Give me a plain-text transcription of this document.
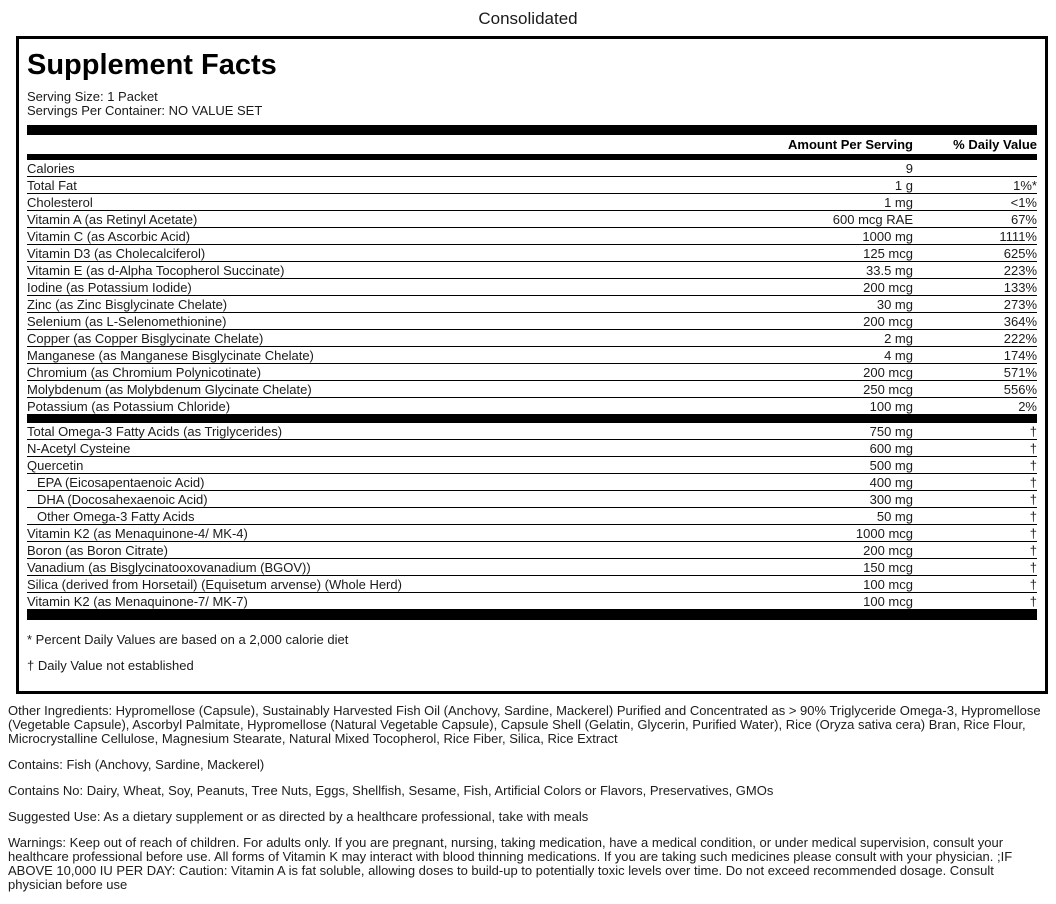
Consolidated
Supplement Facts
Serving Size: 1 Packet
Servings Per Container: NO VALUE SET
Amount Per Serving	% Daily Value
Calories	9
Total Fat	1 g	1%*
Cholesterol	1 mg	<1%
Vitamin A (as Retinyl Acetate)	600 mcg RAE	67%
Vitamin C (as Ascorbic Acid)	1000 mg	1111%
Vitamin D3 (as Cholecalciferol)	125 mcg	625%
Vitamin E (as d-Alpha Tocopherol Succinate)	33.5 mg	223%
Iodine (as Potassium Iodide)	200 mcg	133%
Zinc (as Zinc Bisglycinate Chelate)	30 mg	273%
Selenium (as L-Selenomethionine)	200 mcg	364%
Copper (as Copper Bisglycinate Chelate)	2 mg	222%
Manganese (as Manganese Bisglycinate Chelate)	4 mg	174%
Chromium (as Chromium Polynicotinate)	200 mcg	571%
Molybdenum (as Molybdenum Glycinate Chelate)	250 mcg	556%
Potassium (as Potassium Chloride)	100 mg	2%
Total Omega-3 Fatty Acids (as Triglycerides)	750 mg	†
N-Acetyl Cysteine	600 mg	†
Quercetin	500 mg	†
EPA (Eicosapentaenoic Acid)	400 mg	†
DHA (Docosahexaenoic Acid)	300 mg	†
Other Omega-3 Fatty Acids	50 mg	†
Vitamin K2 (as Menaquinone-4/ MK-4)	1000 mcg	†
Boron (as Boron Citrate)	200 mcg	†
Vanadium (as Bisglycinatooxovanadium (BGOV))	150 mcg	†
Silica (derived from Horsetail) (Equisetum arvense) (Whole Herd)	100 mcg	†
Vitamin K2 (as Menaquinone-7/ MK-7)	100 mcg	†
* Percent Daily Values are based on a 2,000 calorie diet
† Daily Value not established

Other Ingredients: Hypromellose (Capsule), Sustainably Harvested Fish Oil (Anchovy, Sardine, Mackerel) Purified and Concentrated as > 90% Triglyceride Omega-3, Hypromellose (Vegetable Capsule), Ascorbyl Palmitate, Hypromellose (Natural Vegetable Capsule), Capsule Shell (Gelatin, Glycerin, Purified Water), Rice (Oryza sativa cera) Bran, Rice Flour, Microcrystalline Cellulose, Magnesium Stearate, Natural Mixed Tocopherol, Rice Fiber, Silica, Rice Extract

Contains: Fish (Anchovy, Sardine, Mackerel)

Contains No: Dairy, Wheat, Soy, Peanuts, Tree Nuts, Eggs, Shellfish, Sesame, Fish, Artificial Colors or Flavors, Preservatives, GMOs

Suggested Use: As a dietary supplement or as directed by a healthcare professional, take with meals

Warnings: Keep out of reach of children. For adults only. If you are pregnant, nursing, taking medication, have a medical condition, or under medical supervision, consult your healthcare professional before use. All forms of Vitamin K may interact with blood thinning medications. If you are taking such medicines please consult with your physician. ;IF ABOVE 10,000 IU PER DAY: Caution: Vitamin A is fat soluble, allowing doses to build-up to potentially toxic levels over time. Do not exceed recommended dosage. Consult physician before use
